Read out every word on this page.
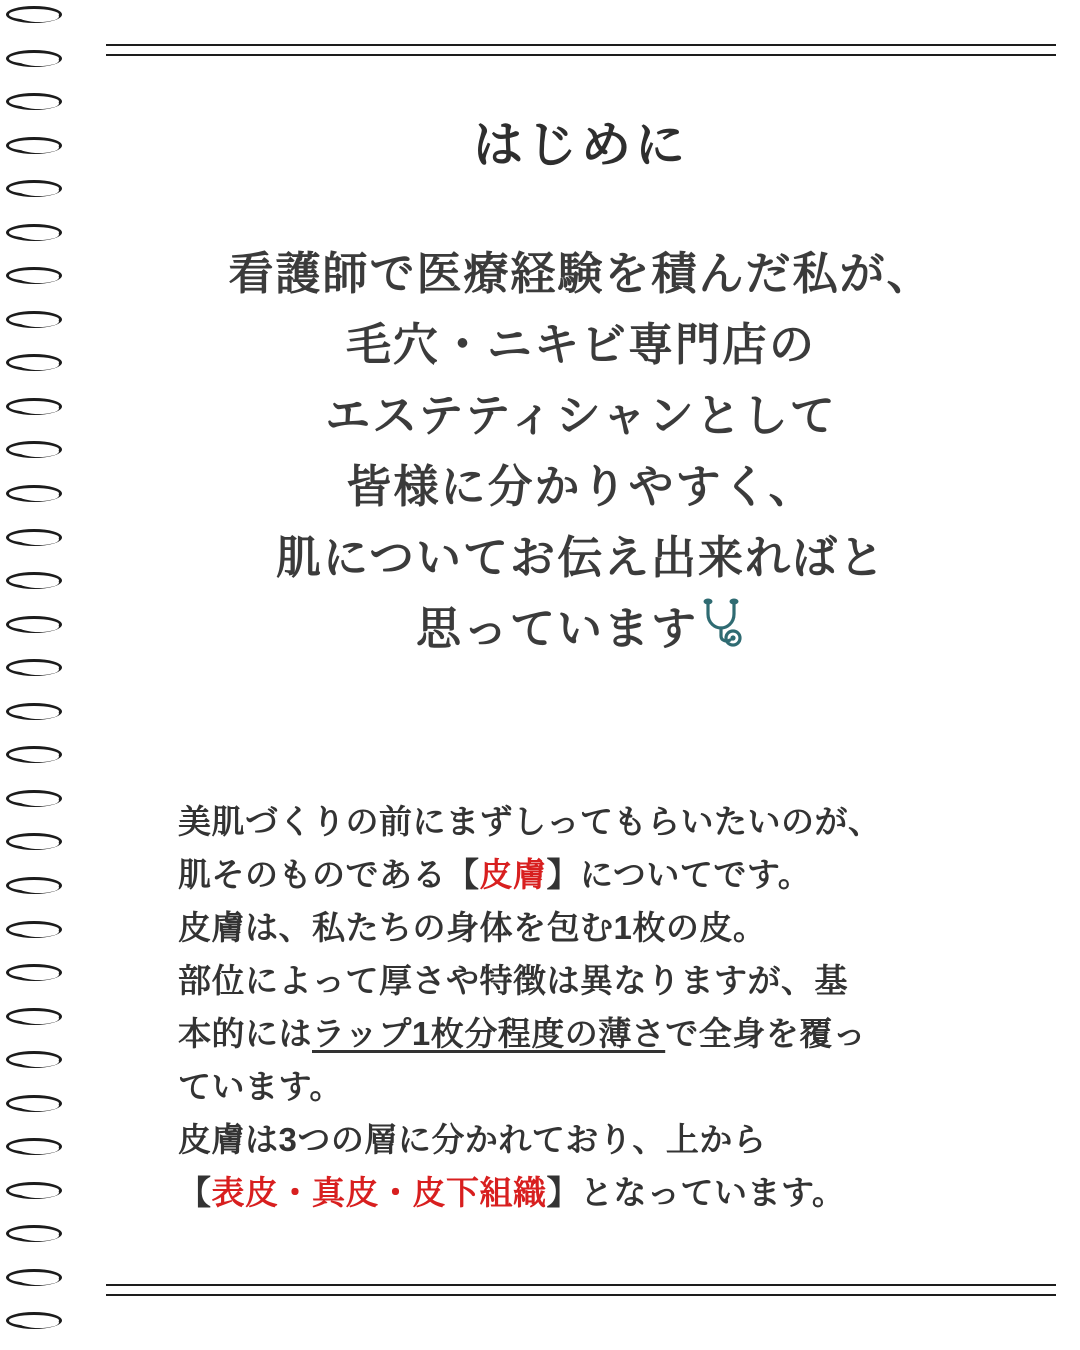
はじめに
看護師で医療経験を積んだ私が、
毛穴・ニキビ専門店の
エステティシャンとして
皆様に分かりやすく、
肌についてお伝え出来ればと
思っています
美肌づくりの前にまずしってもらいたいのが、
肌そのものである【皮膚】についてです。
皮膚は、私たちの身体を包む1枚の皮。
部位によって厚さや特徴は異なりますが、基
本的にはラップ1枚分程度の薄さで全身を覆っ
ています。
皮膚は3つの層に分かれており、上から
【表皮・真皮・皮下組織】となっています。
